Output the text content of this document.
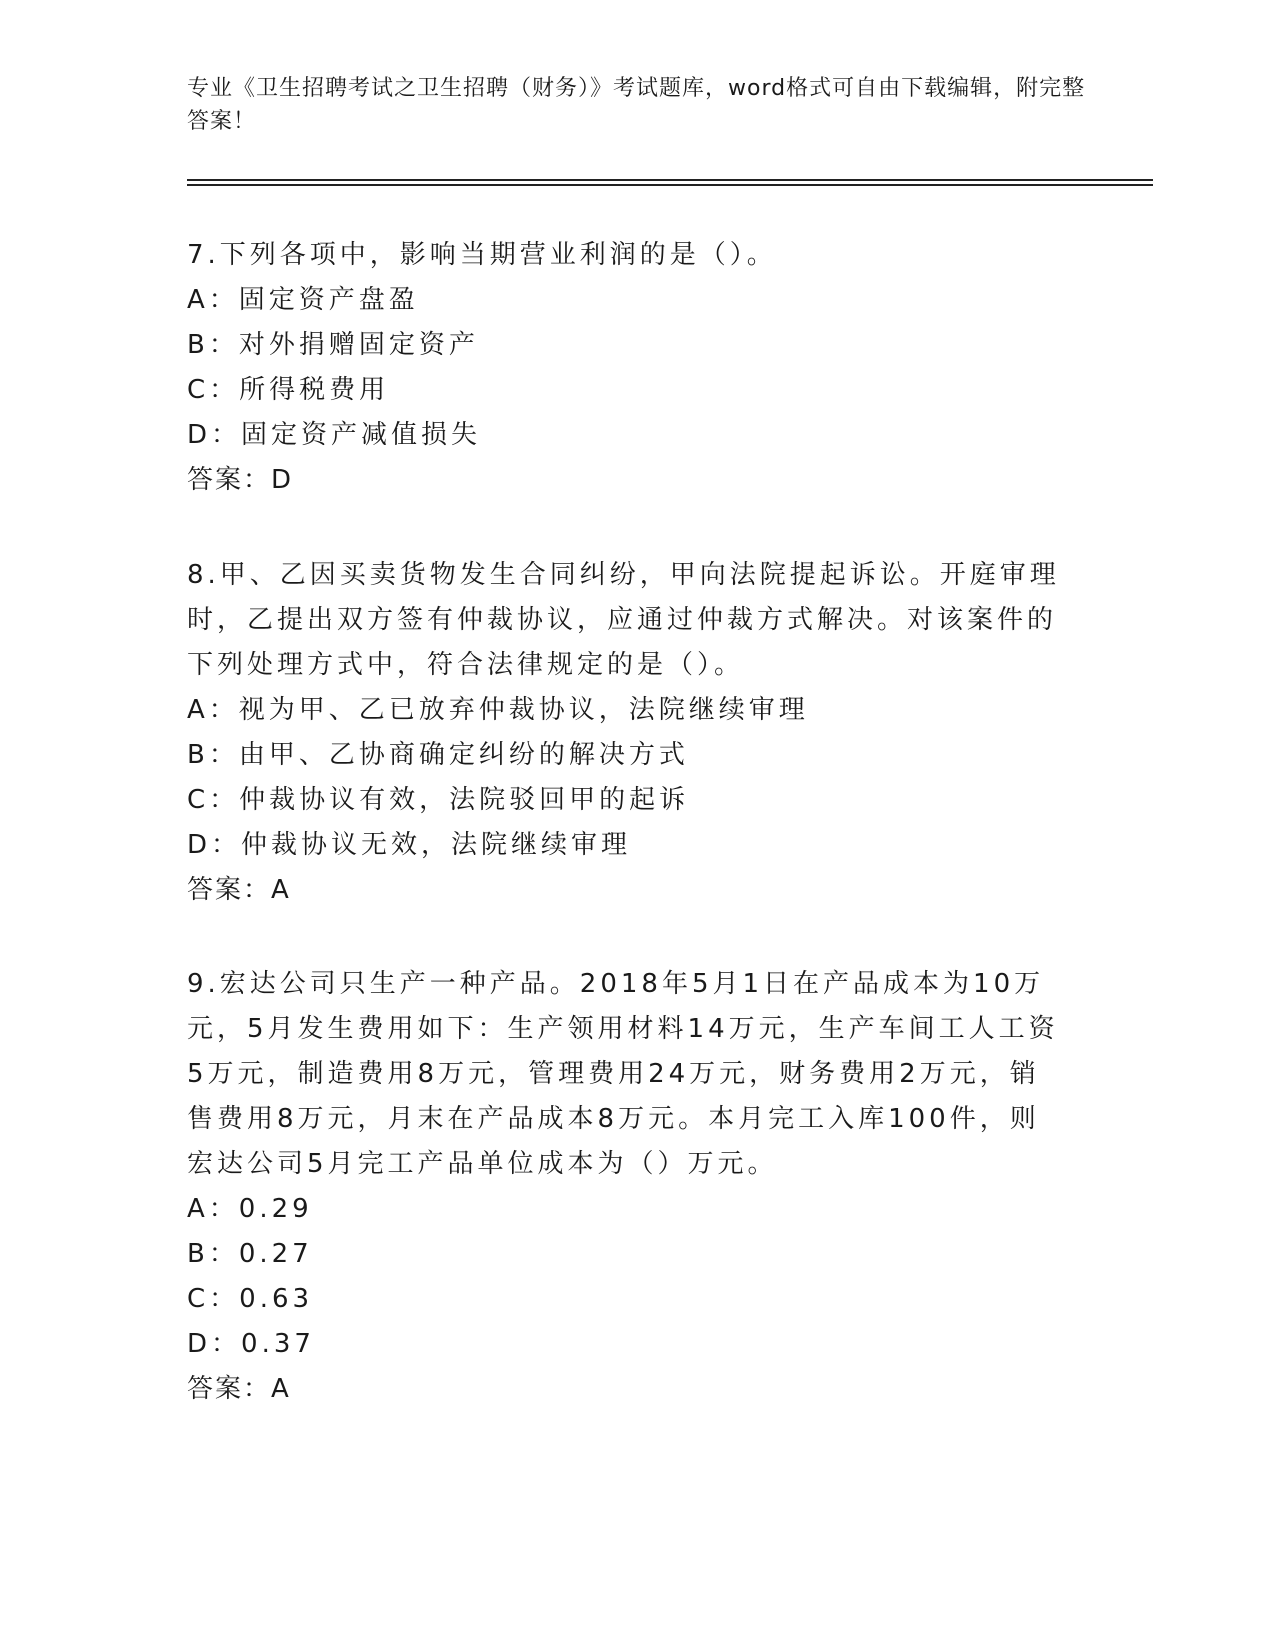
专业《卫生招聘考试之卫生招聘（财务）》考试题库，word格式可自由下载编辑，附完整答案！
7.下列各项中，影响当期营业利润的是（）。
A：固定资产盘盈
B：对外捐赠固定资产
C：所得税费用
D：固定资产减值损失
答案：D
8.甲、乙因买卖货物发生合同纠纷，甲向法院提起诉讼。开庭审理时，乙提出双方签有仲裁协议，应通过仲裁方式解决。对该案件的下列处理方式中，符合法律规定的是（）。
A：视为甲、乙已放弃仲裁协议，法院继续审理
B：由甲、乙协商确定纠纷的解决方式
C：仲裁协议有效，法院驳回甲的起诉
D：仲裁协议无效，法院继续审理
答案：A
9.宏达公司只生产一种产品。2018年5月1日在产品成本为10万元，5月发生费用如下：生产领用材料14万元，生产车间工人工资5万元，制造费用8万元，管理费用24万元，财务费用2万元，销售费用8万元，月末在产品成本8万元。本月完工入库100件，则宏达公司5月完工产品单位成本为（）万元。
A：0.29
B：0.27
C：0.63
D：0.37
答案：A
